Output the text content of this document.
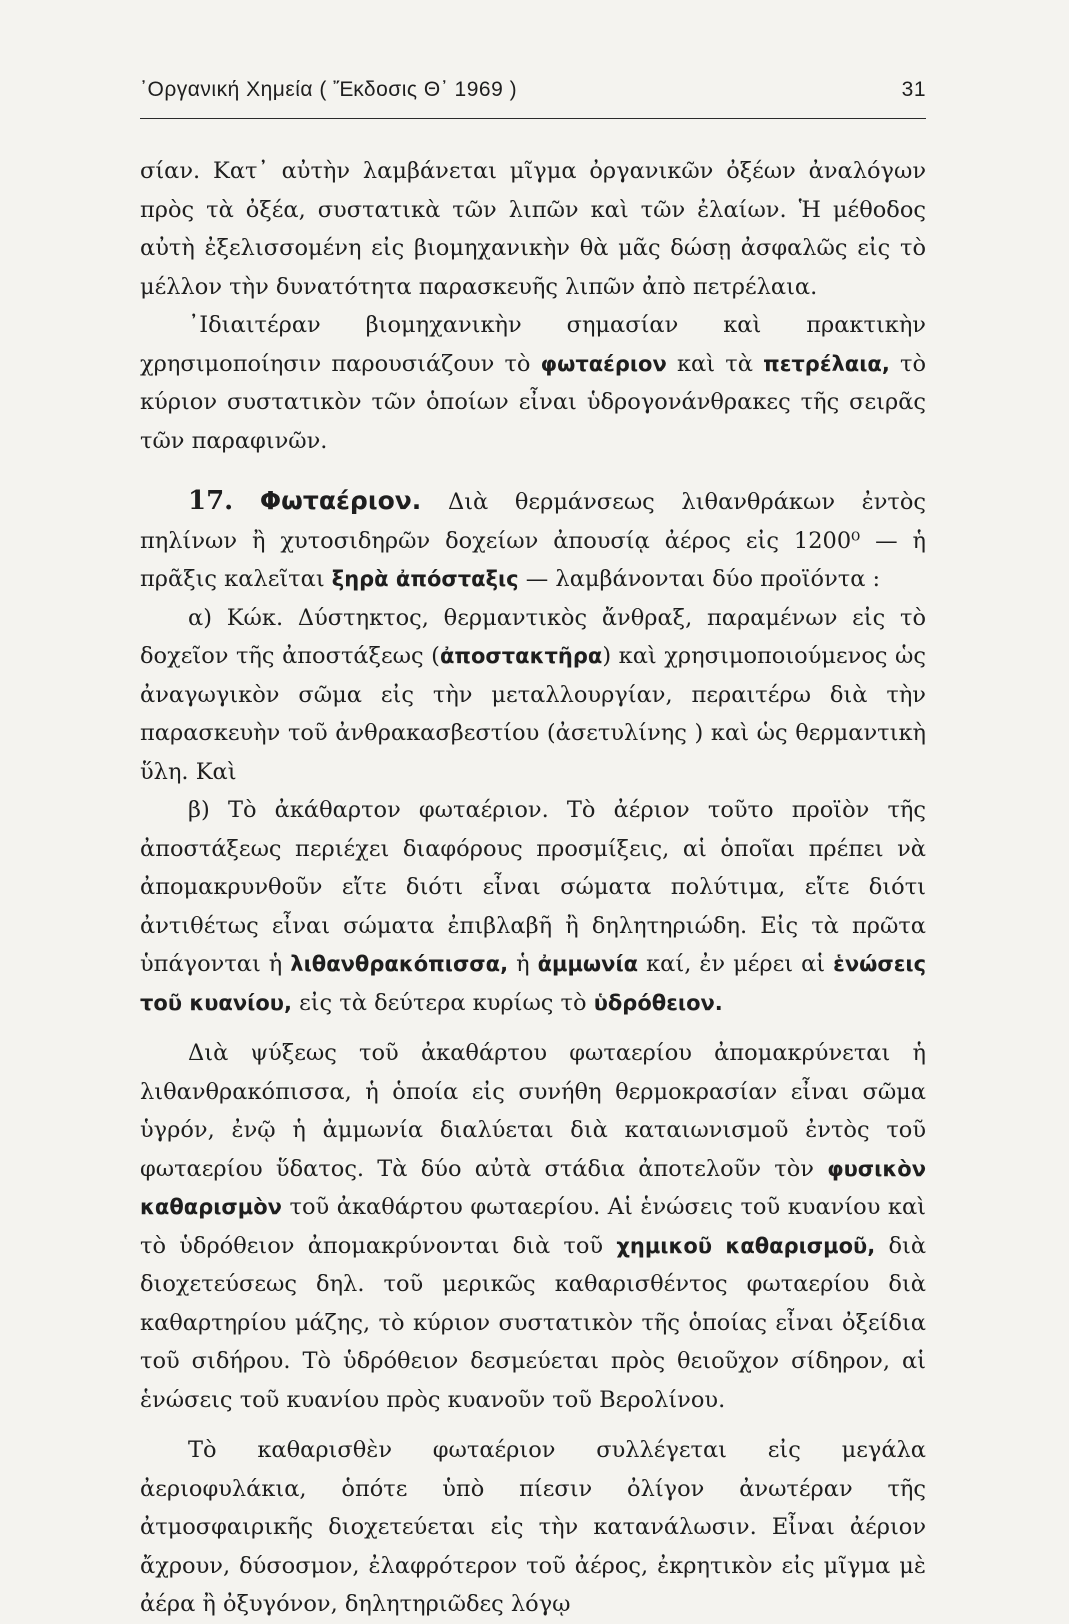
᾿Οργανική Χημεία ( Ἔκδοσις Θ᾿ 1969 )	31

σίαν. Κατ᾿ αὐτὴν λαμβάνεται μῖγμα ὀργανικῶν ὀξέων ἀναλόγων πρὸς τὰ ὀξέα, συστατικὰ τῶν λιπῶν καὶ τῶν ἐλαίων. Ἡ μέθοδος αὐτὴ ἐξελισσομένη εἰς βιομηχανικὴν θὰ μᾶς δώσῃ ἀσφαλῶς εἰς τὸ μέλλον τὴν δυνατότητα παρασκευῆς λιπῶν ἀπὸ πετρέλαια.

᾿Ιδιαιτέραν βιομηχανικὴν σημασίαν καὶ πρακτικὴν χρησιμοποίησιν παρουσιάζουν τὸ φωταέριον καὶ τὰ πετρέλαια, τὸ κύριον συστατικὸν τῶν ὁποίων εἶναι ὑδρογονάνθρακες τῆς σειρᾶς τῶν παραφινῶν.

17. Φωταέριον. Διὰ θερμάνσεως λιθανθράκων ἐντὸς πηλίνων ἢ χυτοσιδηρῶν δοχείων ἀπουσίᾳ ἀέρος εἰς 1200⁰ — ἡ πρᾶξις καλεῖται ξηρὰ ἀπόσταξις — λαμβάνονται δύο προϊόντα :

α) Κώκ. Δύστηκτος, θερμαντικὸς ἄνθραξ, παραμένων εἰς τὸ δοχεῖον τῆς ἀποστάξεως (ἀποστακτῆρα) καὶ χρησιμοποιούμενος ὡς ἀναγωγικὸν σῶμα εἰς τὴν μεταλλουργίαν, περαιτέρω διὰ τὴν παρασκευὴν τοῦ ἀνθρακασβεστίου (ἀσετυλίνης ) καὶ ὡς θερμαντικὴ ὕλη. Καὶ

β) Τὸ ἀκάθαρτον φωταέριον. Τὸ ἀέριον τοῦτο προϊὸν τῆς ἀποστάξεως περιέχει διαφόρους προσμίξεις, αἱ ὁποῖαι πρέπει νὰ ἀπομακρυνθοῦν εἴτε διότι εἶναι σώματα πολύτιμα, εἴτε διότι ἀντιθέτως εἶναι σώματα ἐπιβλαβῆ ἢ δηλητηριώδη. Εἰς τὰ πρῶτα ὑπάγονται ἡ λιθανθρακόπισσα, ἡ ἀμμωνία καί, ἐν μέρει αἱ ἑνώσεις τοῦ κυανίου, εἰς τὰ δεύτερα κυρίως τὸ ὑδρόθειον.

Διὰ ψύξεως τοῦ ἀκαθάρτου φωταερίου ἀπομακρύνεται ἡ λιθανθρακόπισσα, ἡ ὁποία εἰς συνήθη θερμοκρασίαν εἶναι σῶμα ὑγρόν, ἐνῷ ἡ ἀμμωνία διαλύεται διὰ καταιωνισμοῦ ἐντὸς τοῦ φωταερίου ὕδατος. Τὰ δύο αὐτὰ στάδια ἀποτελοῦν τὸν φυσικὸν καθαρισμὸν τοῦ ἀκαθάρτου φωταερίου. Αἱ ἑνώσεις τοῦ κυανίου καὶ τὸ ὑδρόθειον ἀπομακρύνονται διὰ τοῦ χημικοῦ καθαρισμοῦ, διὰ διοχετεύσεως δηλ. τοῦ μερικῶς καθαρισθέντος φωταερίου διὰ καθαρτηρίου μάζης, τὸ κύριον συστατικὸν τῆς ὁποίας εἶναι ὀξείδια τοῦ σιδήρου. Τὸ ὑδρόθειον δεσμεύεται πρὸς θειοῦχον σίδηρον, αἱ ἑνώσεις τοῦ κυανίου πρὸς κυανοῦν τοῦ Βερολίνου.

Τὸ καθαρισθὲν φωταέριον συλλέγεται εἰς μεγάλα ἀεριοφυλάκια, ὁπότε ὑπὸ πίεσιν ὀλίγον ἀνωτέραν τῆς ἀτμοσφαιρικῆς διοχετεύεται εἰς τὴν κατανάλωσιν. Εἶναι ἀέριον ἄχρουν, δύσοσμον, ἐλαφρότερον τοῦ ἀέρος, ἐκρητικὸν εἰς μῖγμα μὲ ἀέρα ἢ ὀξυγόνον, δηλητηριῶδες λόγῳ
